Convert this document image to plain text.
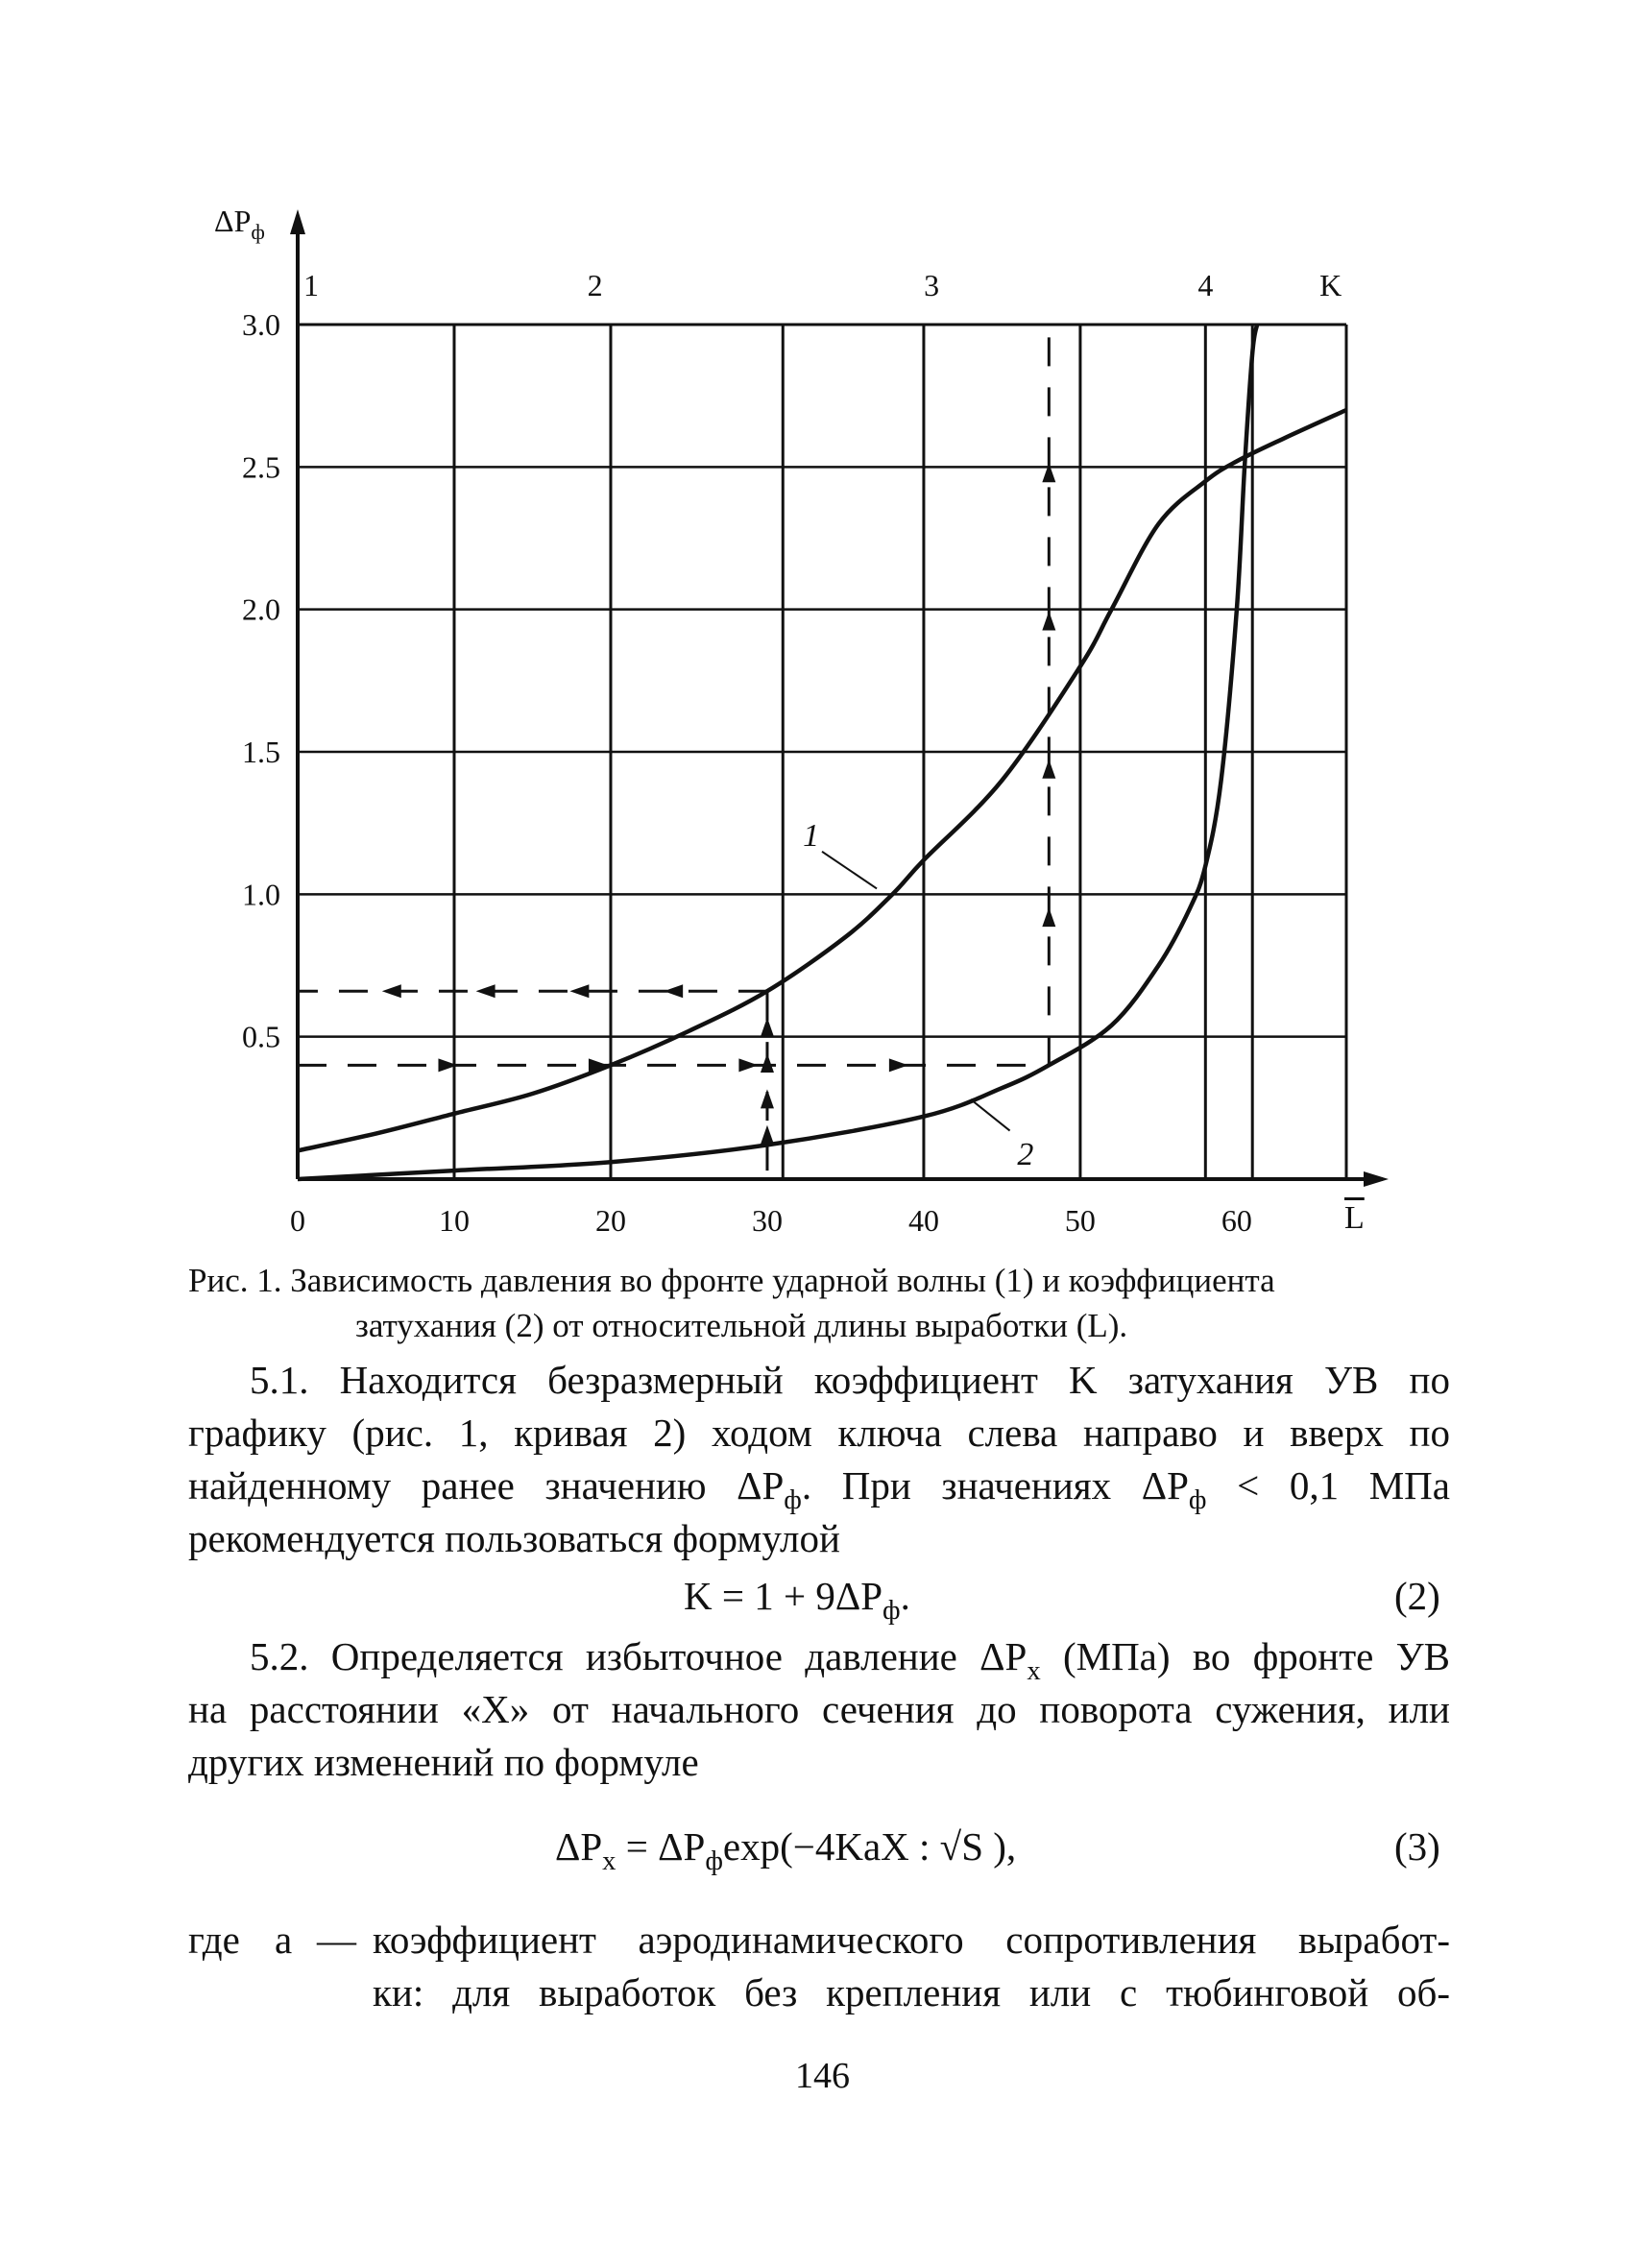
0.5
1.0
1.5
2.0
2.5
3.0
1	2	3	4	K
0	10	20	30	40	50	60
1
2
$\Delta P_ф$
$\overline{L}$
Рис. 1. Зависимость давления во фронте ударной волны (1) и коэффициента
затухания (2) от относительной длины выработки (L).
5.1. Находится безразмерный коэффициент K затухания УВ по
графику (рис. 1, кривая 2) ходом ключа слева направо и вверх по
найденному ранее значению $\Delta P_ф$. При значениях $\Delta P_ф < 0,1$ МПа
рекомендуется пользоваться формулой
$K = 1 + 9\Delta P_ф$.	(2)
5.2. Определяется избыточное давление $\Delta P_x$ (МПа) во фронте УВ
на расстоянии «X» от начального сечения до поворота сужения, или
других изменений по формуле
$\Delta P_x = \Delta P_ф\exp(-4KaX$ : √S ),	(3)
где a — коэффициент аэродинамического сопротивления выработ-
ки: для выработок без крепления или с тюбинговой об-
146
